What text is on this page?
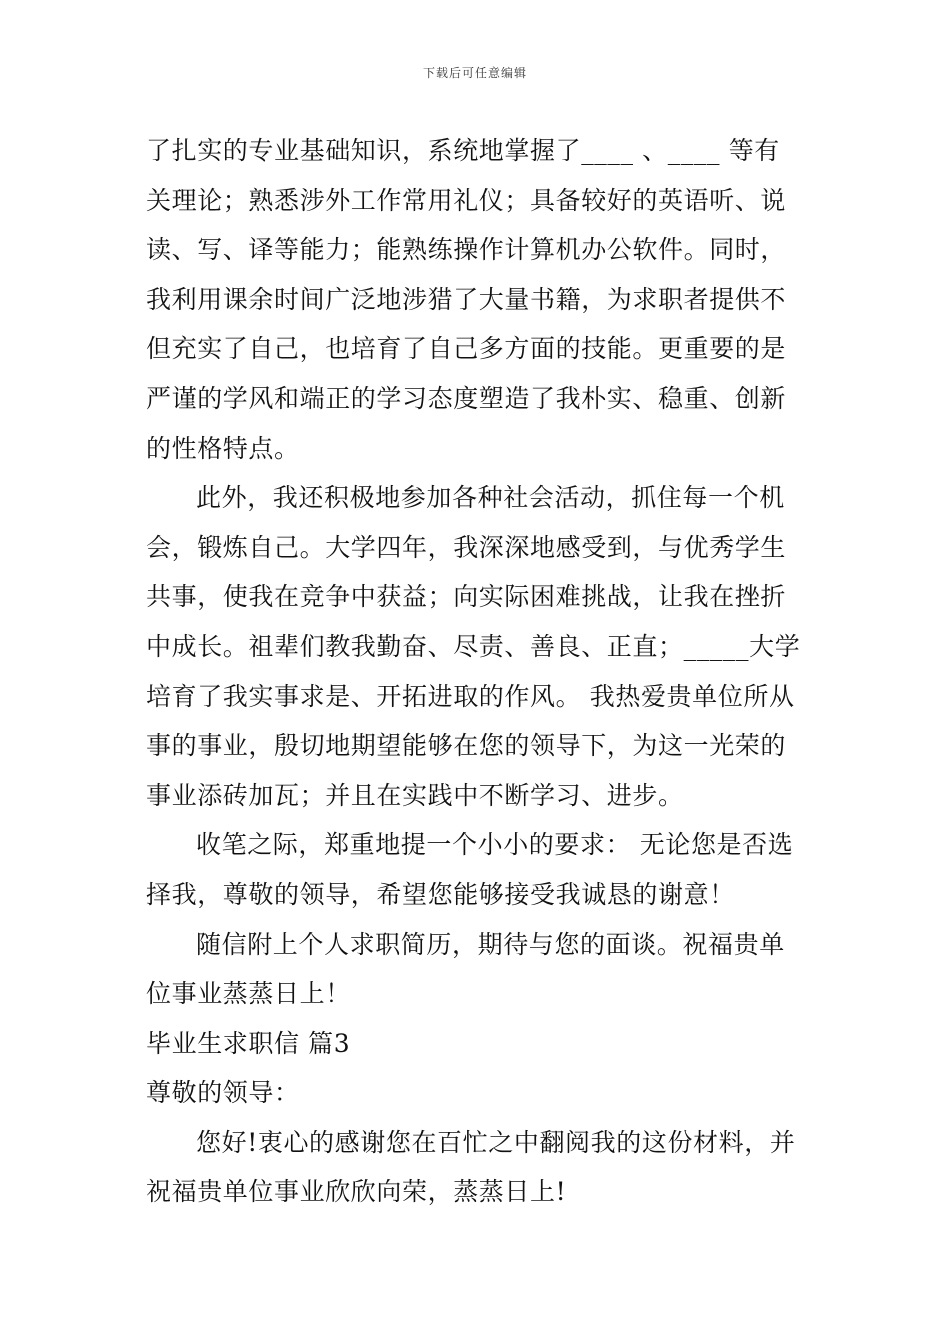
下载后可任意编辑
了扎实的专业基础知识，系统地掌握了____ 、____ 等有
关理论；熟悉涉外工作常用礼仪；具备较好的英语听、说
读、写、译等能力；能熟练操作计算机办公软件。同时，
我利用课余时间广泛地涉猎了大量书籍，为求职者提供不
但充实了自己，也培育了自己多方面的技能。更重要的是
严谨的学风和端正的学习态度塑造了我朴实、稳重、创新
的性格特点。
此外，我还积极地参加各种社会活动，抓住每一个机
会，锻炼自己。大学四年，我深深地感受到，与优秀学生
共事，使我在竞争中获益；向实际困难挑战，让我在挫折
中成长。祖辈们教我勤奋、尽责、善良、正直；_____大学
培育了我实事求是、开拓进取的作风。 我热爱贵单位所从
事的事业，殷切地期望能够在您的领导下，为这一光荣的
事业添砖加瓦；并且在实践中不断学习、进步。
收笔之际，郑重地提一个小小的要求： 无论您是否选
择我，尊敬的领导，希望您能够接受我诚恳的谢意！
随信附上个人求职简历，期待与您的面谈。祝福贵单
位事业蒸蒸日上！
毕业生求职信 篇3
尊敬的领导：
您好!衷心的感谢您在百忙之中翻阅我的这份材料，并
祝福贵单位事业欣欣向荣，蒸蒸日上!
